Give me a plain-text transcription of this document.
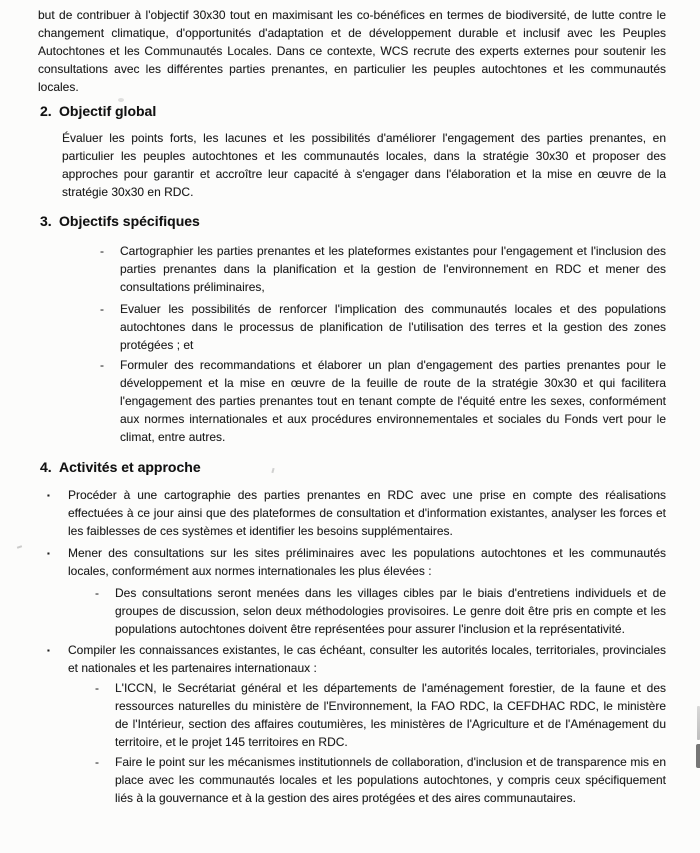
but de contribuer à l'objectif 30x30 tout en maximisant les co-bénéfices en termes de biodiversité, de lutte contre le changement climatique, d'opportunités d'adaptation et de développement durable et inclusif avec les Peuples Autochtones et les Communautés Locales. Dans ce contexte, WCS recrute des experts externes pour soutenir les consultations avec les différentes parties prenantes, en particulier les peuples autochtones et les communautés locales.

2. Objectif global

Évaluer les points forts, les lacunes et les possibilités d'améliorer l'engagement des parties prenantes, en particulier les peuples autochtones et les communautés locales, dans la stratégie 30x30 et proposer des approches pour garantir et accroître leur capacité à s'engager dans l'élaboration et la mise en œuvre de la stratégie 30x30 en RDC.

3. Objectifs spécifiques
-	Cartographier les parties prenantes et les plateformes existantes pour l'engagement et l'inclusion des parties prenantes dans la planification et la gestion de l'environnement en RDC et mener des consultations préliminaires,

-	Evaluer les possibilités de renforcer l'implication des communautés locales et des populations autochtones dans le processus de planification de l'utilisation des terres et la gestion des zones protégées ; et

-	Formuler des recommandations et élaborer un plan d'engagement des parties prenantes pour le développement et la mise en œuvre de la feuille de route de la stratégie 30x30 et qui facilitera l'engagement des parties prenantes tout en tenant compte de l'équité entre les sexes, conformément aux normes internationales et aux procédures environnementales et sociales du Fonds vert pour le climat, entre autres.

4. Activités et approche
▪	Procéder à une cartographie des parties prenantes en RDC avec une prise en compte des réalisations effectuées à ce jour ainsi que des plateformes de consultation et d'information existantes, analyser les forces et les faiblesses de ces systèmes et identifier les besoins supplémentaires.

▪	Mener des consultations sur les sites préliminaires avec les populations autochtones et les communautés locales, conformément aux normes internationales les plus élevées :

-	Des consultations seront menées dans les villages cibles par le biais d'entretiens individuels et de groupes de discussion, selon deux méthodologies provisoires. Le genre doit être pris en compte et les populations autochtones doivent être représentées pour assurer l'inclusion et la représentativité.

▪	Compiler les connaissances existantes, le cas échéant, consulter les autorités locales, territoriales, provinciales et nationales et les partenaires internationaux :

-	L'ICCN, le Secrétariat général et les départements de l'aménagement forestier, de la faune et des ressources naturelles du ministère de l'Environnement, la FAO RDC, la CEFDHAC RDC, le ministère de l'Intérieur, section des affaires coutumières, les ministères de l'Agriculture et de l'Aménagement du territoire, et le projet 145 territoires en RDC.

-	Faire le point sur les mécanismes institutionnels de collaboration, d'inclusion et de transparence mis en place avec les communautés locales et les populations autochtones, y compris ceux spécifiquement liés à la gouvernance et à la gestion des aires protégées et des aires communautaires.
